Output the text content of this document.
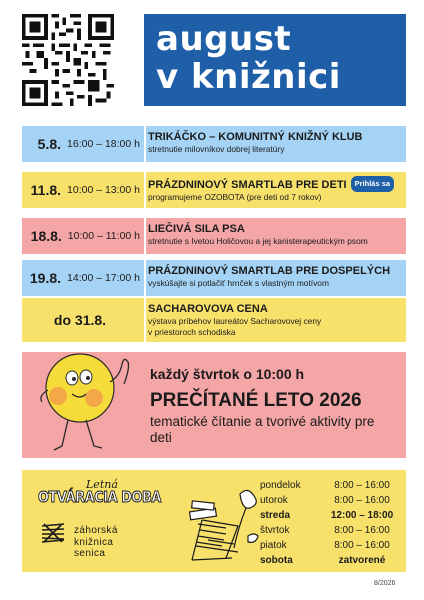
august
v knižnici
5.8. 16:00 – 18:00 h
TRIKÁČKO – KOMUNITNÝ KNIŽNÝ KLUB
stretnutie milovníkov dobrej literatúry
11.8. 10:00 – 13:00 h PRÁZDNINOVÝ SMARTLAB PRE DETI Prihlás sa
programujeme OZOBOTA (pre deti od 7 rokov)
18.8. 10:00 – 11:00 h
LIEČIVÁ SILA PSA
stretnutie s Ivetou Holičovou a jej kanisterapeutickým psom
19.8. 14:00 – 17:00 h
PRÁZDNINOVÝ SMARTLAB PRE DOSPELÝCH
vyskúšajte si potlačiť hrnček s vlastným motívom
do 31.8.
SACHAROVOVA CENA
výstava príbehov laureátov Sacharovovej ceny
v priestoroch schodiska
každý štvrtok o 10:00 h
PREČÍTANÉ LETO 2026
tematické čítanie a tvorivé aktivity pre deti
Letná
OTVÁRACIA DOBA
záhorská
knižnica
senica
pondelok	8:00 – 16:00
utorok	8:00 – 16:00
streda	12:00 – 18:00
štvrtok	8:00 – 16:00
piatok	8:00 – 16:00
sobota	zatvorené
8/2026
